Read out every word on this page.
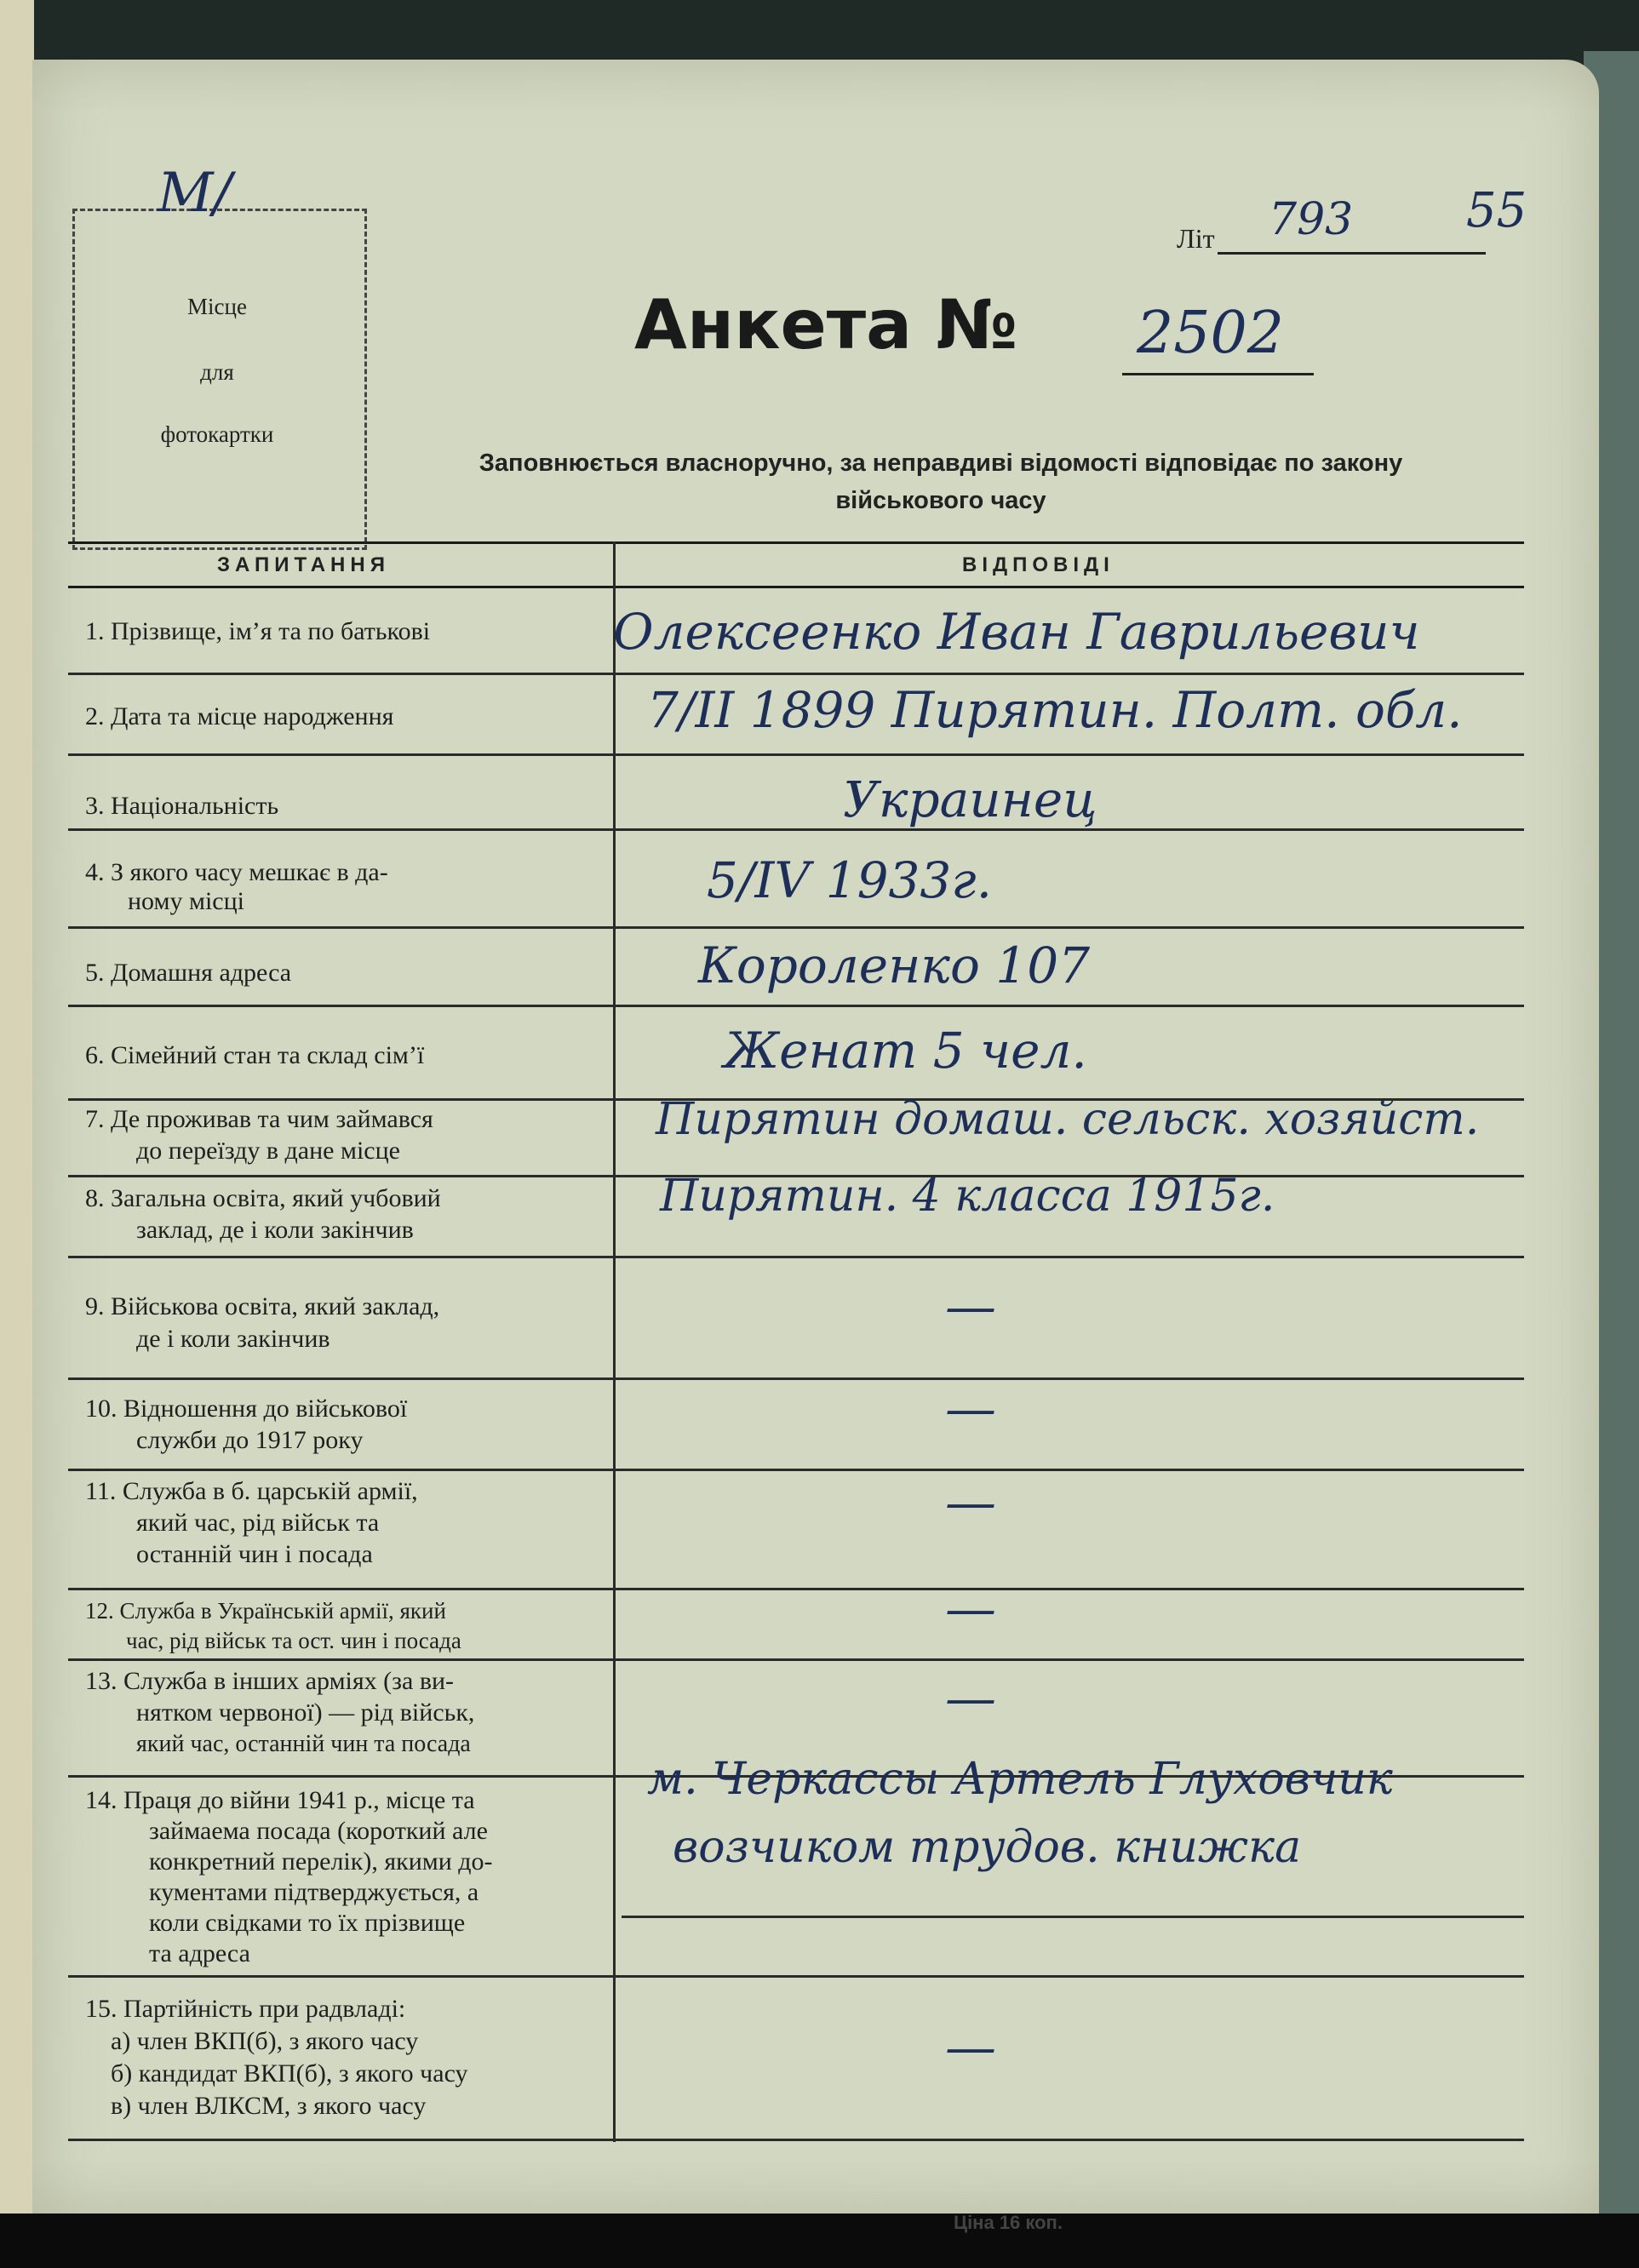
Місце
для
фотокартки
М/
Літ 793 55
Анкета № 2502
Заповнюється власноручно, за неправдиві відомості відповідає по закону
військового часу
ЗАПИТАННЯ	ВІДПОВІДІ
1. Прізвище, ім’я та по батькові
2. Дата та місце народження
3. Національність
4. З якого часу мешкає в да-
ному місці
5. Домашня адреса
6. Сімейний стан та склад сім’ї
7. Де проживав та чим займався
до переїзду в дане місце
8. Загальна освіта, який учбовий
заклад, де і коли закінчив
9. Військова освіта, який заклад,
де і коли закінчив
10. Відношення до військової
служби до 1917 року
11. Служба в б. царській армії,
який час, рід військ та
останній чин і посада
12. Служба в Українській армії, який
час, рід військ та ост. чин і посада
13. Служба в інших арміях (за ви-
нятком червоної) — рід військ,
який час, останній чин та посада
14. Праця до війни 1941 р., місце та
займаема посада (короткий але
конкретний перелік), якими до-
кументами підтверджується, а
коли свідками то їх прізвище
та адреса
15. Партійність при радвладі:
а) член ВКП(б), з якого часу
б) кандидат ВКП(б), з якого часу
в) член ВЛКСМ, з якого часу
Олексеенко Иван Гаврильевич
7/II 1899 Пирятин. Полт. обл.
Украинец
5/IV 1933г.
Короленко 107
Женат 5 чел.
Пирятин домаш. сельск. хозяйст.
Пирятин. 4 класса 1915г.
—
—
—
—
—
м. Черкассы Артель Глуховчик
возчиком трудов. книжка
—
Ціна 16 коп.
